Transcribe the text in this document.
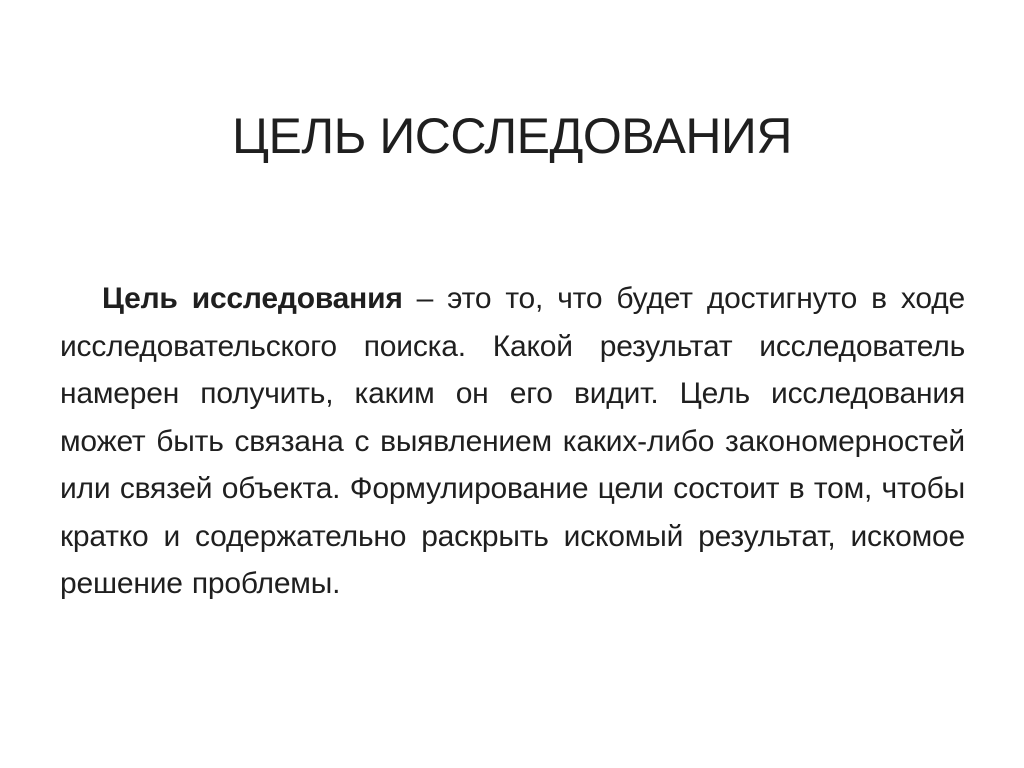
ЦЕЛЬ ИССЛЕДОВАНИЯ

Цель исследования – это то, что будет достигнуто в ходе исследовательского поиска. Какой результат исследователь намерен получить, каким он его видит. Цель исследования может быть связана с выявлением каких-либо закономерностей или связей объекта. Формулирование цели состоит в том, чтобы кратко и содержательно раскрыть искомый результат, искомое решение проблемы.
